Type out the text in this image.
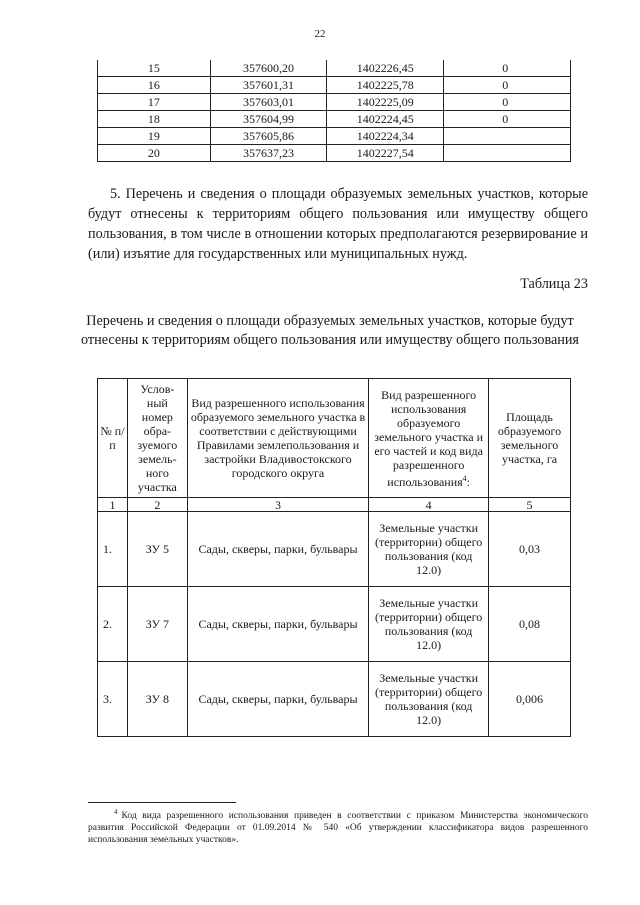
22
15	357600,20	1402226,45	0
16	357601,31	1402225,78	0
17	357603,01	1402225,09	0
18	357604,99	1402224,45	0
19	357605,86	1402224,34	
20	357637,23	1402227,54	

5. Перечень и сведения о площади образуемых земельных участков, которые будут отнесены к территориям общего пользования или имуществу общего пользования, в том числе в отношении которых предполагаются резервирование и (или) изъятие для государственных или муниципальных нужд.

Таблица 23
Перечень и сведения о площади образуемых земельных участков, которые будут отнесены к территориям общего пользования или имуществу общего пользования
№ п/п	Услов-ный номер обра-зуемого земель-ного участка	Вид разрешенного использования образуемого земельного участка в соответствии с действующими Правилами землепользования и застройки Владивостокского городского округа	Вид разрешенного использования образуемого земельного участка и его частей и код вида разрешенного использования$^4$:	Площадь образуемого земельного участка, га
1	2	3	4	5
1.	ЗУ 5	Сады, скверы, парки, бульвары	Земельные участки (территории) общего пользования (код 12.0)	0,03
2.	ЗУ 7	Сады, скверы, парки, бульвары	Земельные участки (территории) общего пользования (код 12.0)	0,08
3.	ЗУ 8	Сады, скверы, парки, бульвары	Земельные участки (территории) общего пользования (код 12.0)	0,006
$^4$ Код вида разрешенного использования приведен в соответствии с приказом Министерства экономического развития Российской Федерации от 01.09.2014 № 540 «Об утверждении классификатора видов разрешенного использования земельных участков».
